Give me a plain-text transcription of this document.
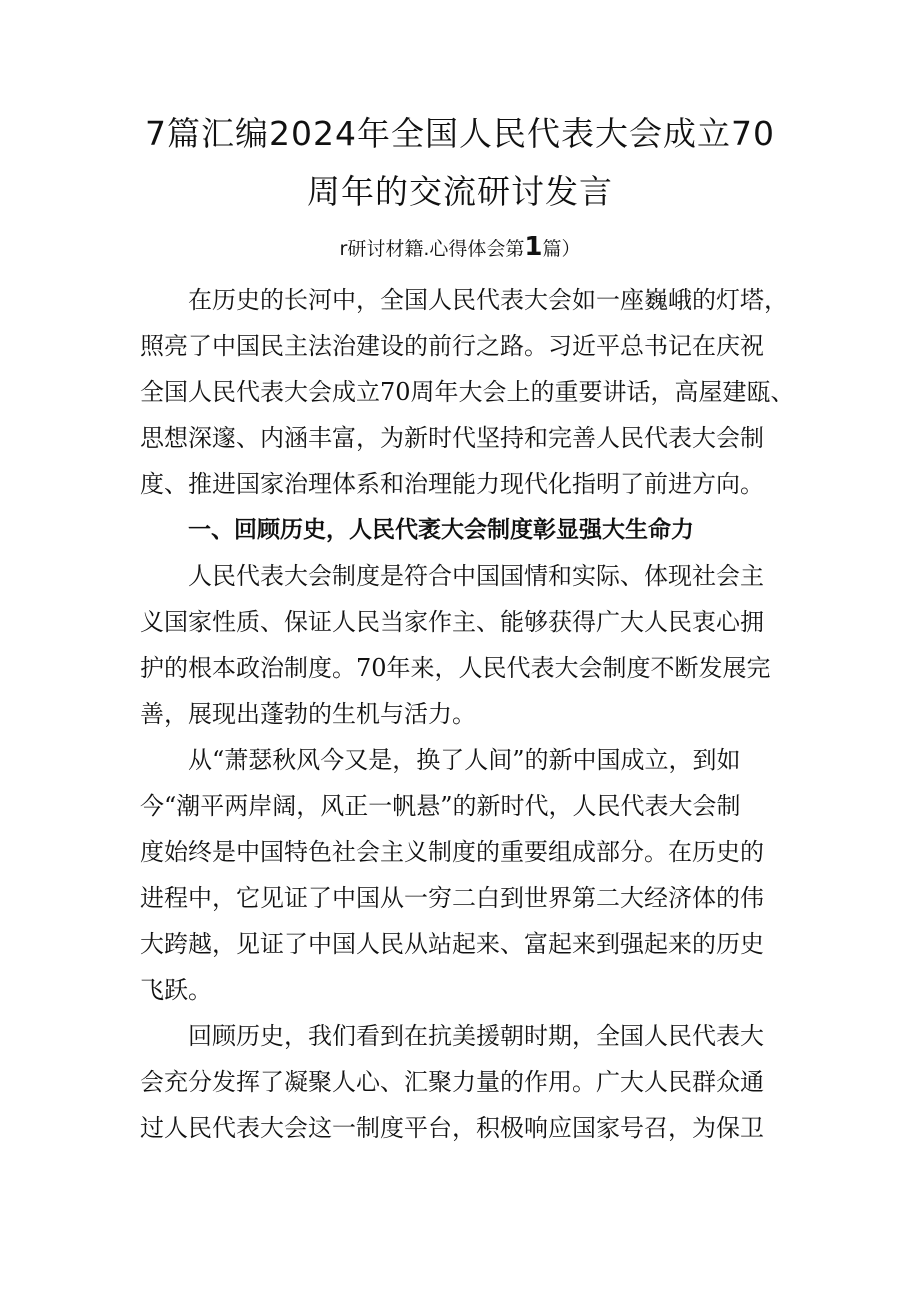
7篇汇编2024年全国人民代表大会成立70
周年的交流研讨发言
r研讨材籍.心得体会第1篇）
在历史的长河中，全国人民代表大会如一座巍峨的灯塔，
照亮了中国民主法治建设的前行之路。习近平总书记在庆祝
全国人民代表大会成立70周年大会上的重要讲话，高屋建瓯、
思想深邃、内涵丰富，为新时代坚持和完善人民代表大会制
度、推进国家治理体系和治理能力现代化指明了前进方向。
一、回顾历史，人民代袤大会制度彰显强大生命力
人民代表大会制度是符合中国国情和实际、体现社会主
义国家性质、保证人民当家作主、能够获得广大人民衷心拥
护的根本政治制度。70年来，人民代表大会制度不断发展完
善，展现出蓬勃的生机与活力。
从“萧瑟秋风今又是，换了人间”的新中国成立，到如
今“潮平两岸阔，风正一帆悬”的新时代，人民代表大会制
度始终是中国特色社会主义制度的重要组成部分。在历史的
进程中，它见证了中国从一穷二白到世界第二大经济体的伟
大跨越，见证了中国人民从站起来、富起来到强起来的历史
飞跃。
回顾历史，我们看到在抗美援朝时期，全国人民代表大
会充分发挥了凝聚人心、汇聚力量的作用。广大人民群众通
过人民代表大会这一制度平台，积极响应国家号召，为保卫
